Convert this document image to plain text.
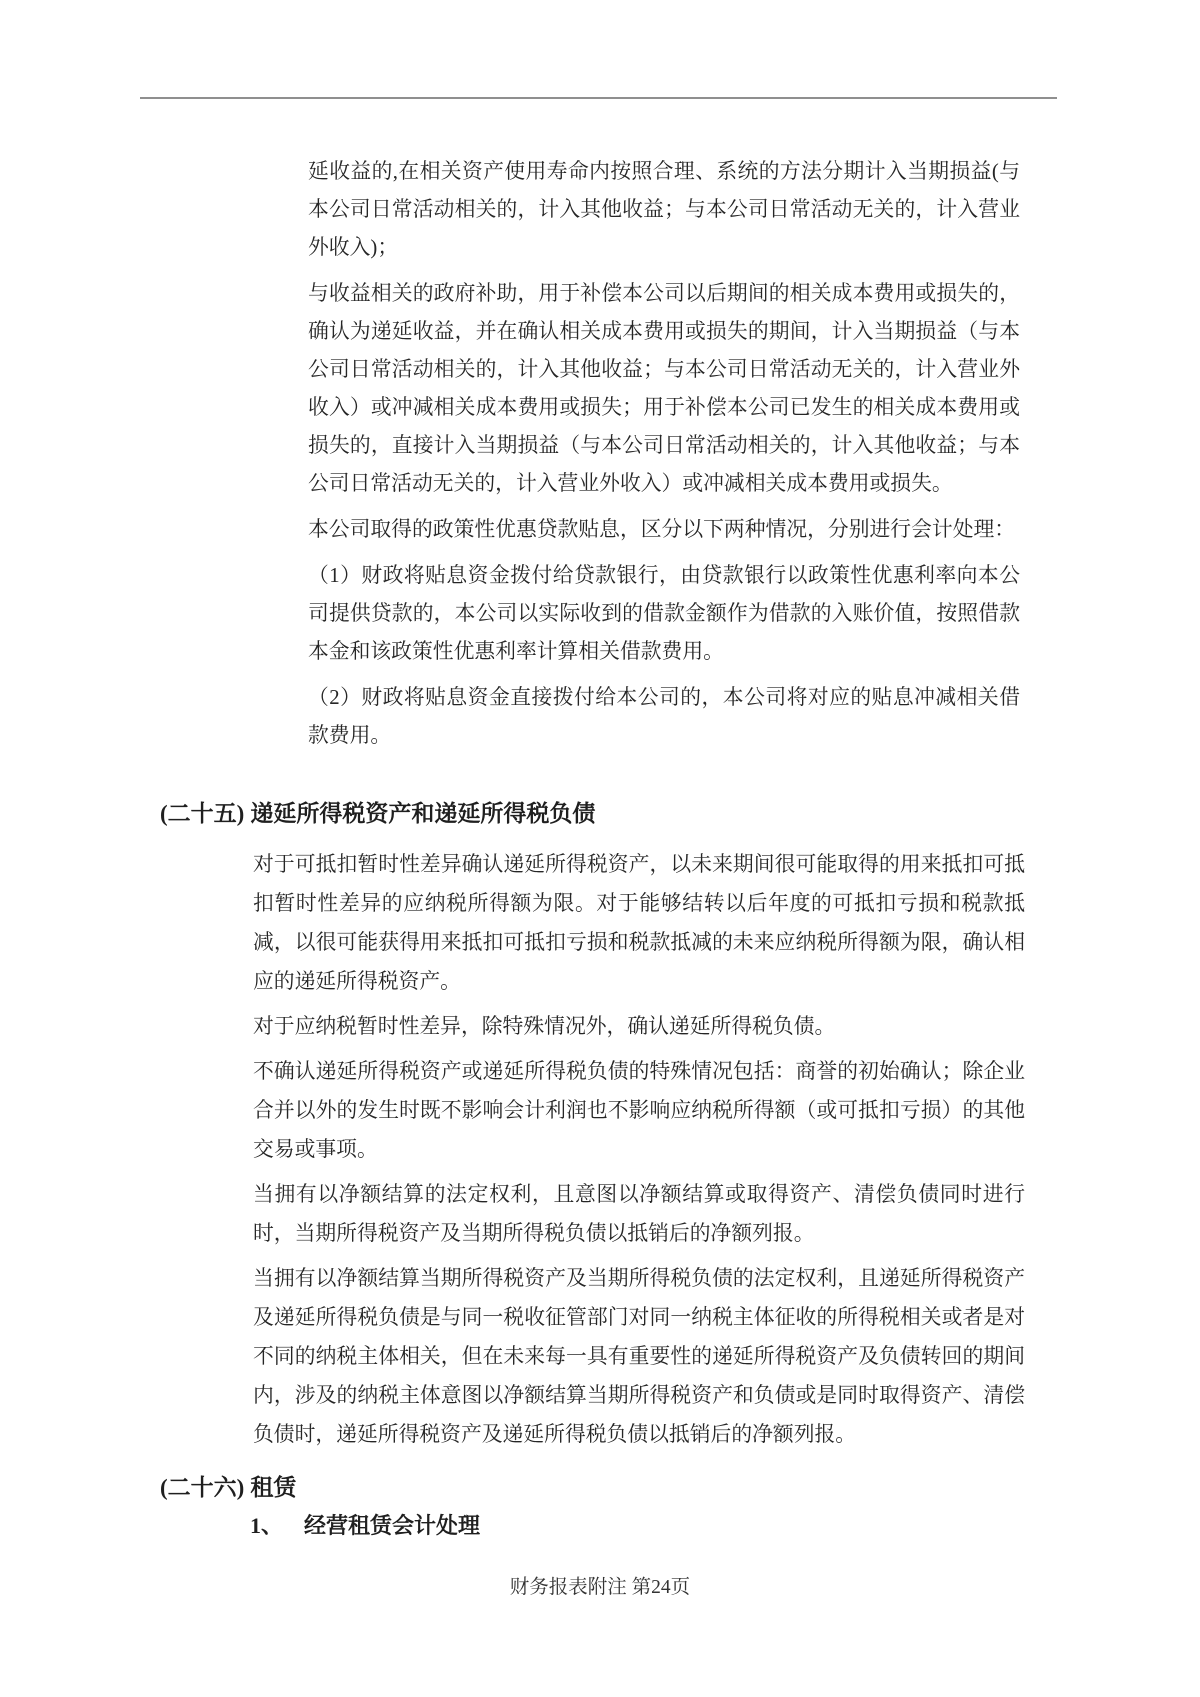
延收益的,在相关资产使用寿命内按照合理、系统的方法分期计入当期损益(与本公司日常活动相关的，计入其他收益；与本公司日常活动无关的，计入营业外收入)；

与收益相关的政府补助，用于补偿本公司以后期间的相关成本费用或损失的，确认为递延收益，并在确认相关成本费用或损失的期间，计入当期损益（与本公司日常活动相关的，计入其他收益；与本公司日常活动无关的，计入营业外收入）或冲减相关成本费用或损失；用于补偿本公司已发生的相关成本费用或损失的，直接计入当期损益（与本公司日常活动相关的，计入其他收益；与本公司日常活动无关的，计入营业外收入）或冲减相关成本费用或损失。

本公司取得的政策性优惠贷款贴息，区分以下两种情况，分别进行会计处理：

（1）财政将贴息资金拨付给贷款银行，由贷款银行以政策性优惠利率向本公司提供贷款的，本公司以实际收到的借款金额作为借款的入账价值，按照借款本金和该政策性优惠利率计算相关借款费用。

（2）财政将贴息资金直接拨付给本公司的，本公司将对应的贴息冲减相关借款费用。

(二十五) 递延所得税资产和递延所得税负债

对于可抵扣暂时性差异确认递延所得税资产，以未来期间很可能取得的用来抵扣可抵扣暂时性差异的应纳税所得额为限。对于能够结转以后年度的可抵扣亏损和税款抵减，以很可能获得用来抵扣可抵扣亏损和税款抵减的未来应纳税所得额为限，确认相应的递延所得税资产。

对于应纳税暂时性差异，除特殊情况外，确认递延所得税负债。

不确认递延所得税资产或递延所得税负债的特殊情况包括：商誉的初始确认；除企业合并以外的发生时既不影响会计利润也不影响应纳税所得额（或可抵扣亏损）的其他交易或事项。

当拥有以净额结算的法定权利，且意图以净额结算或取得资产、清偿负债同时进行时，当期所得税资产及当期所得税负债以抵销后的净额列报。

当拥有以净额结算当期所得税资产及当期所得税负债的法定权利，且递延所得税资产及递延所得税负债是与同一税收征管部门对同一纳税主体征收的所得税相关或者是对不同的纳税主体相关，但在未来每一具有重要性的递延所得税资产及负债转回的期间内，涉及的纳税主体意图以净额结算当期所得税资产和负债或是同时取得资产、清偿负债时，递延所得税资产及递延所得税负债以抵销后的净额列报。

(二十六) 租赁
1、 经营租赁会计处理
财务报表附注 第24页
